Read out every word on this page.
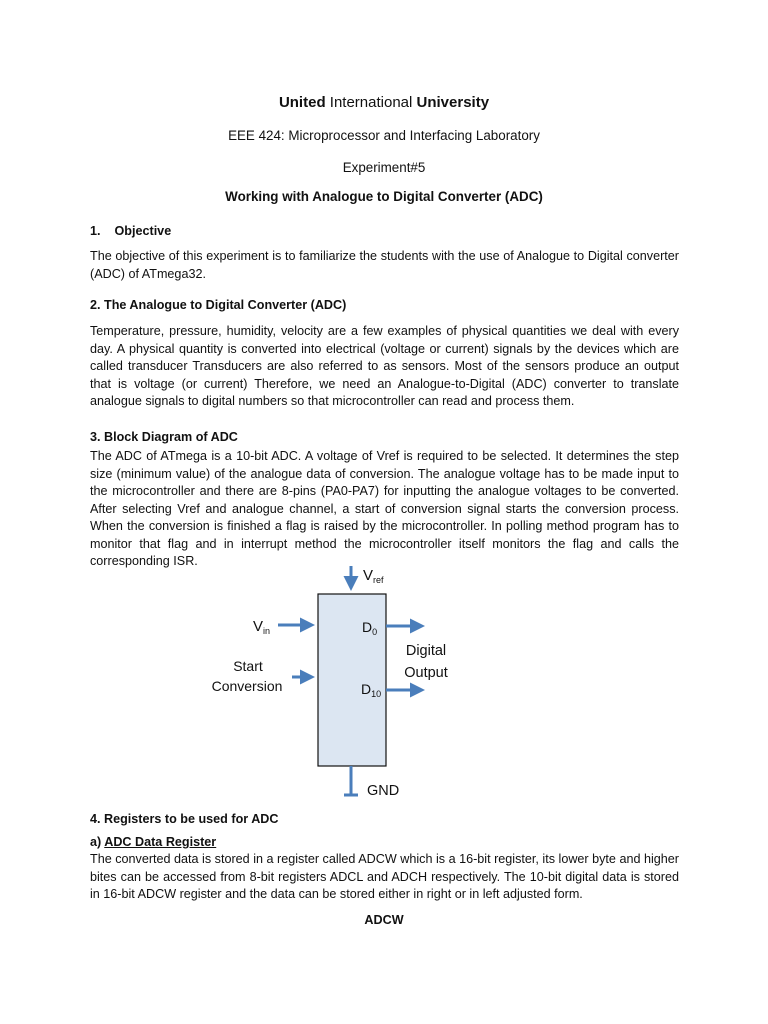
United International University
EEE 424: Microprocessor and Interfacing Laboratory
Experiment#5
Working with Analogue to Digital Converter (ADC)
1.    Objective
The objective of this experiment is to familiarize the students with the use of Analogue to Digital converter (ADC) of ATmega32.
2. The Analogue to Digital Converter (ADC)
Temperature, pressure, humidity, velocity are a few examples of physical quantities we deal with every day. A physical quantity is converted into electrical (voltage or current) signals by the devices which are called transducer Transducers are also referred to as sensors. Most of the sensors produce an output that is voltage (or current) Therefore, we need an Analogue-to-Digital (ADC) converter to translate analogue signals to digital numbers so that microcontroller can read and process them.
3. Block Diagram of ADC
The ADC of ATmega is a 10-bit ADC. A voltage of Vref is required to be selected. It determines the step size (minimum value) of the analogue data of conversion. The analogue voltage has to be made input to the microcontroller and there are 8-pins (PA0-PA7) for inputting the analogue voltages to be converted. After selecting Vref and analogue channel, a start of conversion signal starts the conversion process. When the conversion is finished a flag is raised by the microcontroller. In polling method program has to monitor that flag and in interrupt method the microcontroller itself monitors the flag and calls the corresponding ISR.
$V_{ref}$
$V_{in}$
Start
Conversion
$D_0$
$D_{10}$
Digital
Output
GND
4. Registers to be used for ADC
a) ADC Data Register
The converted data is stored in a register called ADCW which is a 16-bit register, its lower byte and higher bites can be accessed from 8-bit registers ADCL and ADCH respectively. The 10-bit digital data is stored in 16-bit ADCW register and the data can be stored either in right or in left adjusted form.
ADCW
